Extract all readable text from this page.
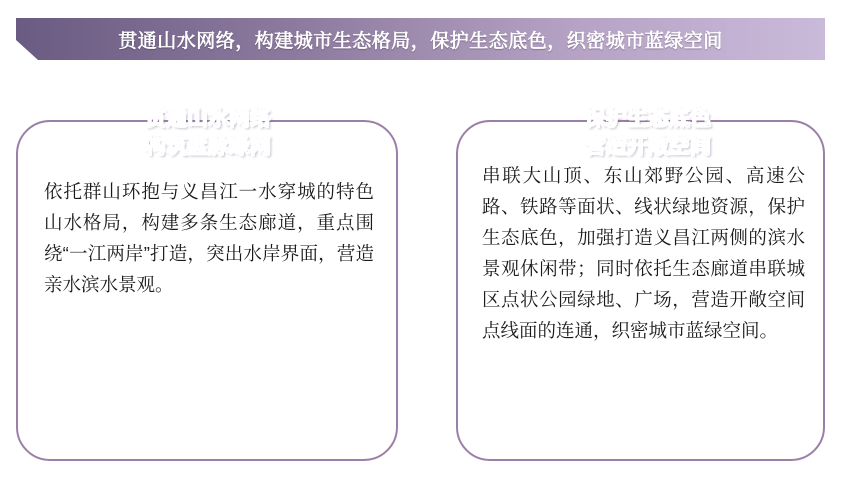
贯通山水网络，构建城市生态格局，保护生态底色，织密城市蓝绿空间
依托群山环抱与义昌江一水穿城的特色山水格局，构建多条生态廊道，重点围绕“一江两岸”打造，突出水岸界面，营造亲水滨水景观。
贯通山水网络
构筑蓝脉绿网
串联大山顶、东山郊野公园、高速公路、铁路等面状、线状绿地资源，保护生态底色，加强打造义昌江两侧的滨水景观休闲带；同时依托生态廊道串联城区点状公园绿地、广场，营造开敞空间点线面的连通，织密城市蓝绿空间。
保护生态底色
营造开敞空间
